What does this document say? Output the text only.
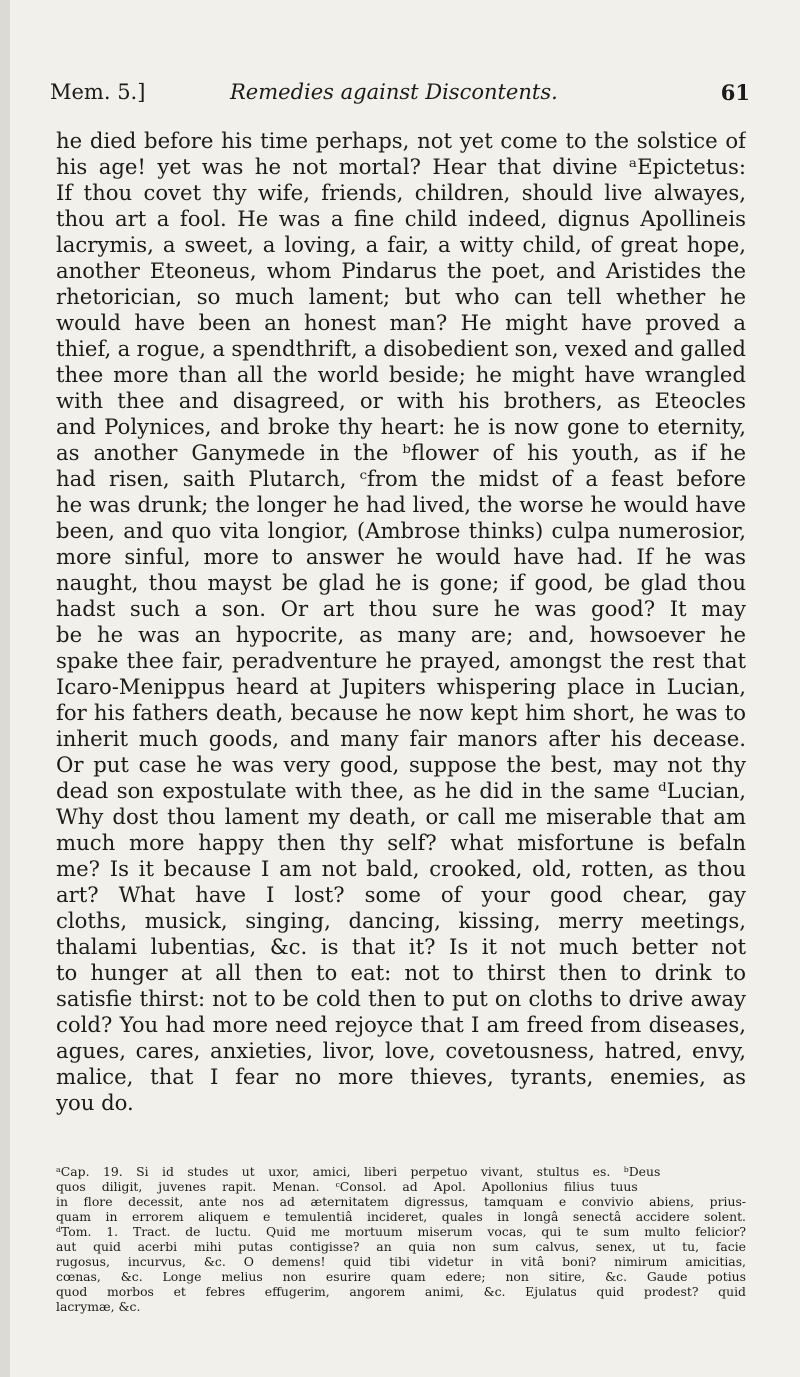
Mem. 5.]	Remedies against Discontents.	61

he died before his time perhaps, not yet come to the solstice of
his age! yet was he not mortal? Hear that divine ᵃEpictetus:
If thou covet thy wife, friends, children, should live alwayes,
thou art a fool. He was a fine child indeed, dignus Apollineis
lacrymis, a sweet, a loving, a fair, a witty child, of great hope,
another Eteoneus, whom Pindarus the poet, and Aristides the
rhetorician, so much lament; but who can tell whether he
would have been an honest man? He might have proved a
thief, a rogue, a spendthrift, a disobedient son, vexed and galled
thee more than all the world beside; he might have wrangled
with thee and disagreed, or with his brothers, as Eteocles
and Polynices, and broke thy heart: he is now gone to eternity,
as another Ganymede in the ᵇflower of his youth, as if he
had risen, saith Plutarch, ᶜfrom the midst of a feast before
he was drunk; the longer he had lived, the worse he would have
been, and quo vita longior, (Ambrose thinks) culpa numerosior,
more sinful, more to answer he would have had. If he was
naught, thou mayst be glad he is gone; if good, be glad thou
hadst such a son. Or art thou sure he was good? It may
be he was an hypocrite, as many are; and, howsoever he
spake thee fair, peradventure he prayed, amongst the rest that
Icaro-Menippus heard at Jupiters whispering place in Lucian,
for his fathers death, because he now kept him short, he was to
inherit much goods, and many fair manors after his decease.
Or put case he was very good, suppose the best, may not thy
dead son expostulate with thee, as he did in the same ᵈLucian,
Why dost thou lament my death, or call me miserable that am
much more happy then thy self? what misfortune is befaln
me? Is it because I am not bald, crooked, old, rotten, as thou
art? What have I lost? some of your good chear, gay
cloths, musick, singing, dancing, kissing, merry meetings,
thalami lubentias, &c. is that it? Is it not much better not
to hunger at all then to eat: not to thirst then to drink to
satisfie thirst: not to be cold then to put on cloths to drive away
cold? You had more need rejoyce that I am freed from diseases,
agues, cares, anxieties, livor, love, covetousness, hatred, envy,
malice, that I fear no more thieves, tyrants, enemies, as
you do.

ᵃCap. 19. Si id studes ut uxor, amici, liberi perpetuo vivant, stultus es. ᵇDeus
quos diligit, juvenes rapit. Menan. ᶜConsol. ad Apol. Apollonius filius tuus
in flore decessit, ante nos ad æternitatem digressus, tamquam e convivio abiens, prius-
quam in errorem aliquem e temulentiâ incideret, quales in longâ senectâ accidere solent.
ᵈTom. 1. Tract. de luctu. Quid me mortuum miserum vocas, qui te sum multo felicior?
aut quid acerbi mihi putas contigisse? an quia non sum calvus, senex, ut tu, facie
rugosus, incurvus, &c. O demens! quid tibi videtur in vitâ boni? nimirum amicitias,
cœnas, &c. Longe melius non esurire quam edere; non sitire, &c. Gaude potius
quod morbos et febres effugerim, angorem animi, &c. Ejulatus quid prodest? quid
lacrymæ, &c.
